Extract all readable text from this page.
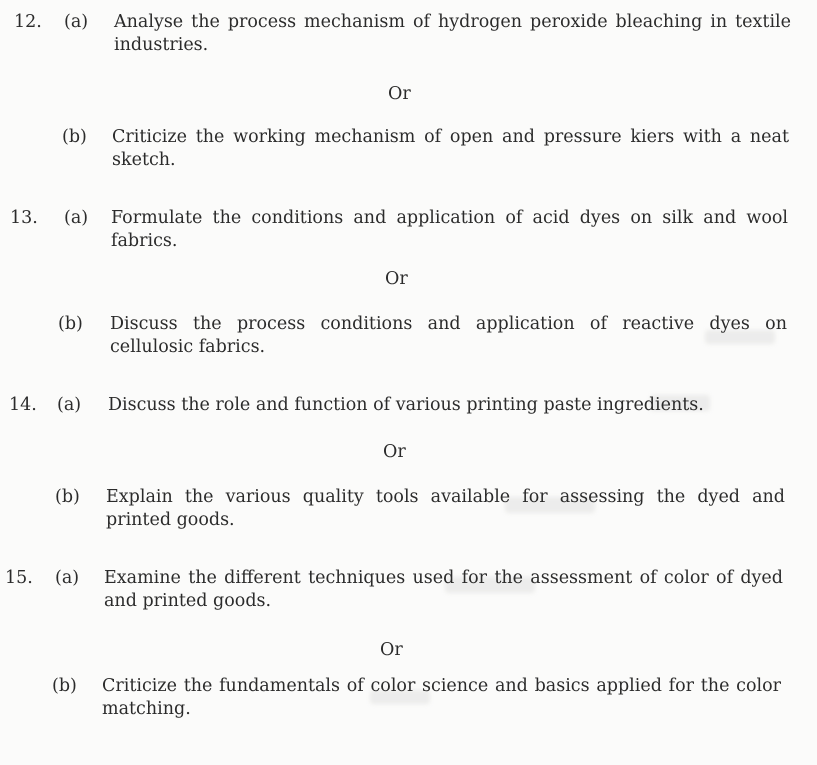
12. (a) Analyse the process mechanism of hydrogen peroxide bleaching in textile industries.
Or
(b) Criticize the working mechanism of open and pressure kiers with a neat sketch.
13. (a) Formulate the conditions and application of acid dyes on silk and wool fabrics.
Or
(b) Discuss the process conditions and application of reactive dyes on cellulosic fabrics.
14. (a) Discuss the role and function of various printing paste ingredients.
Or
(b) Explain the various quality tools available for assessing the dyed and printed goods.
15. (a) Examine the different techniques used for the assessment of color of dyed and printed goods.
Or
(b) Criticize the fundamentals of color science and basics applied for the color matching.
